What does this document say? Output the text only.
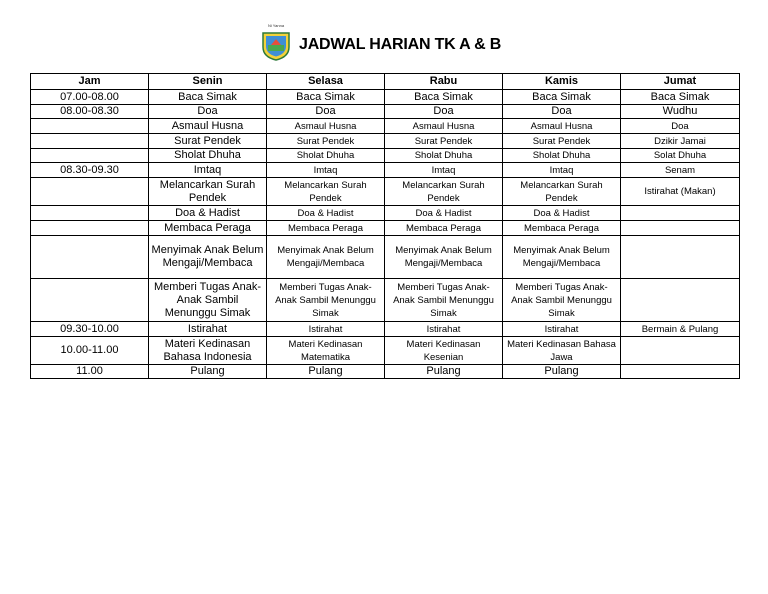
Ni Yanna
JADWAL HARIAN TK A & B
Jam	Senin	Selasa	Rabu	Kamis	Jumat
07.00-08.00	Baca Simak	Baca Simak	Baca Simak	Baca Simak	Baca Simak
08.00-08.30	Doa	Doa	Doa	Doa	Wudhu
	Asmaul Husna	Asmaul Husna	Asmaul Husna	Asmaul Husna	Doa
	Surat Pendek	Surat Pendek	Surat Pendek	Surat Pendek	Dzikir Jamai
	Sholat Dhuha	Sholat Dhuha	Sholat Dhuha	Sholat Dhuha	Solat Dhuha
08.30-09.30	Imtaq	Imtaq	Imtaq	Imtaq	Senam
	Melancarkan Surah Pendek	Melancarkan Surah Pendek	Melancarkan Surah Pendek	Melancarkan Surah Pendek	Istirahat (Makan)
	Doa & Hadist	Doa & Hadist	Doa & Hadist	Doa & Hadist	
	Membaca Peraga	Membaca Peraga	Membaca Peraga	Membaca Peraga	
	Menyimak Anak Belum Mengaji/Membaca	Menyimak Anak Belum Mengaji/Membaca	Menyimak Anak Belum Mengaji/Membaca	Menyimak Anak Belum Mengaji/Membaca	
	Memberi Tugas Anak-Anak Sambil Menunggu Simak	Memberi Tugas Anak-Anak Sambil Menunggu Simak	Memberi Tugas Anak-Anak Sambil Menunggu Simak	Memberi Tugas Anak-Anak Sambil Menunggu Simak	
09.30-10.00	Istirahat	Istirahat	Istirahat	Istirahat	Bermain & Pulang
10.00-11.00	Materi Kedinasan Bahasa Indonesia	Materi Kedinasan Matematika	Materi Kedinasan Kesenian	Materi Kedinasan Bahasa Jawa	
11.00	Pulang	Pulang	Pulang	Pulang	
